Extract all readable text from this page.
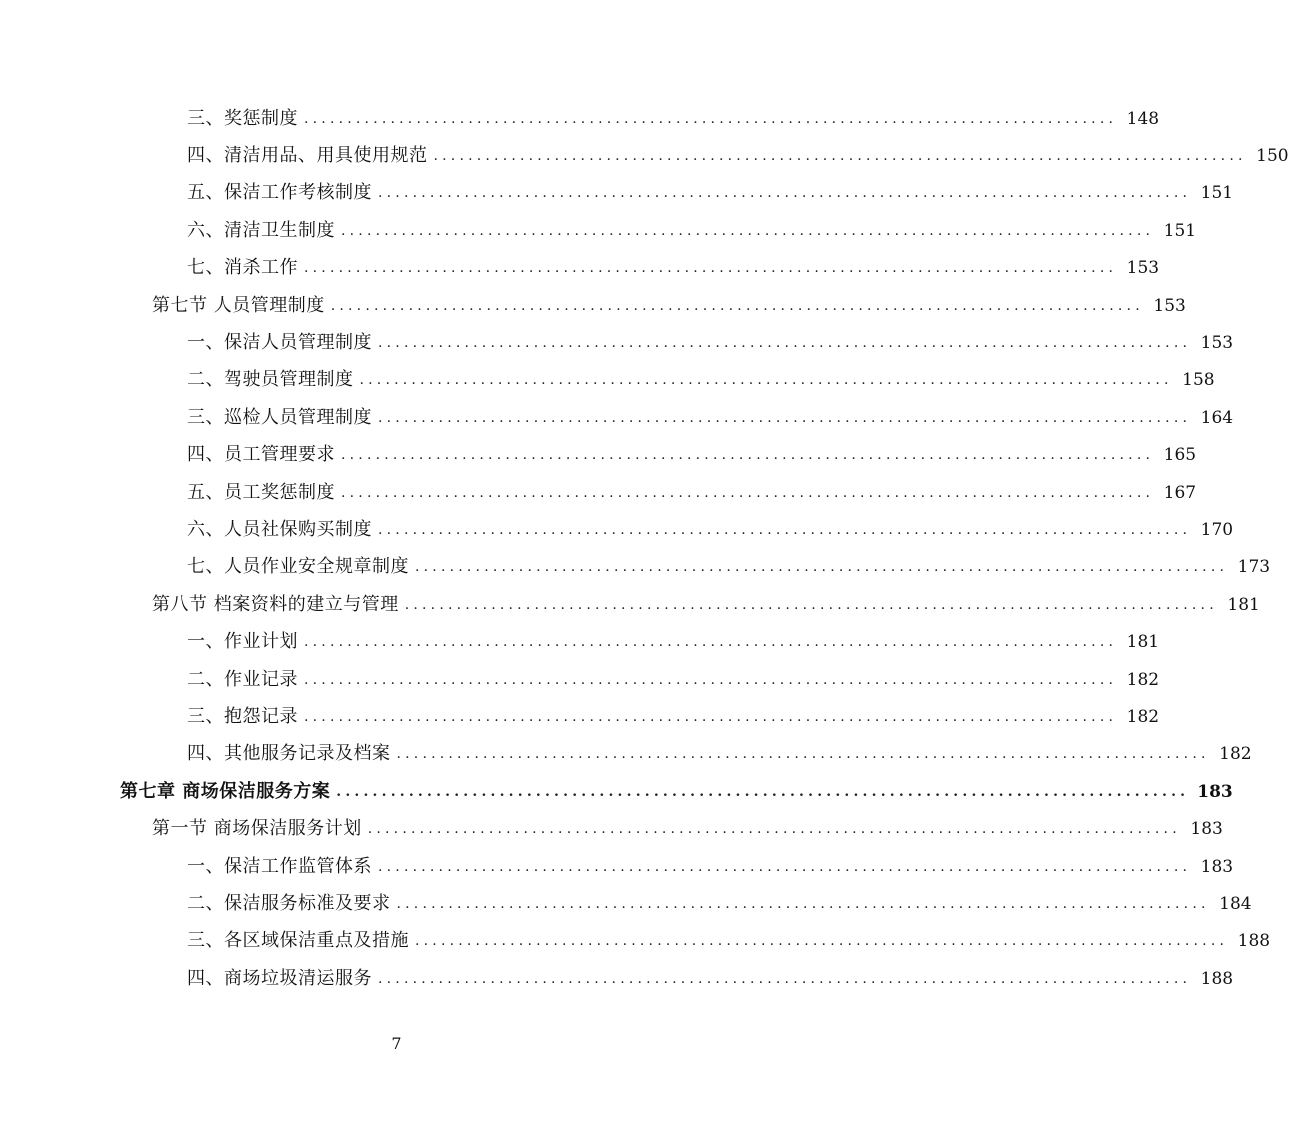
三、奖惩制度 .............................................................................................. 148
四、清洁用品、用具使用规范 .............................................................................................. 150
五、保洁工作考核制度 .............................................................................................. 151
六、清洁卫生制度 .............................................................................................. 151
七、消杀工作 .............................................................................................. 153
第七节 人员管理制度 .............................................................................................. 153
一、保洁人员管理制度 .............................................................................................. 153
二、驾驶员管理制度 .............................................................................................. 158
三、巡检人员管理制度 .............................................................................................. 164
四、员工管理要求 .............................................................................................. 165
五、员工奖惩制度 .............................................................................................. 167
六、人员社保购买制度 .............................................................................................. 170
七、人员作业安全规章制度 .............................................................................................. 173
第八节 档案资料的建立与管理 .............................................................................................. 181
一、作业计划 .............................................................................................. 181
二、作业记录 .............................................................................................. 182
三、抱怨记录 .............................................................................................. 182
四、其他服务记录及档案 .............................................................................................. 182
第七章 商场保洁服务方案 .............................................................................................. 183
第一节 商场保洁服务计划 .............................................................................................. 183
一、保洁工作监管体系 .............................................................................................. 183
二、保洁服务标准及要求 .............................................................................................. 184
三、各区域保洁重点及措施 .............................................................................................. 188
四、商场垃圾清运服务 .............................................................................................. 188
7
